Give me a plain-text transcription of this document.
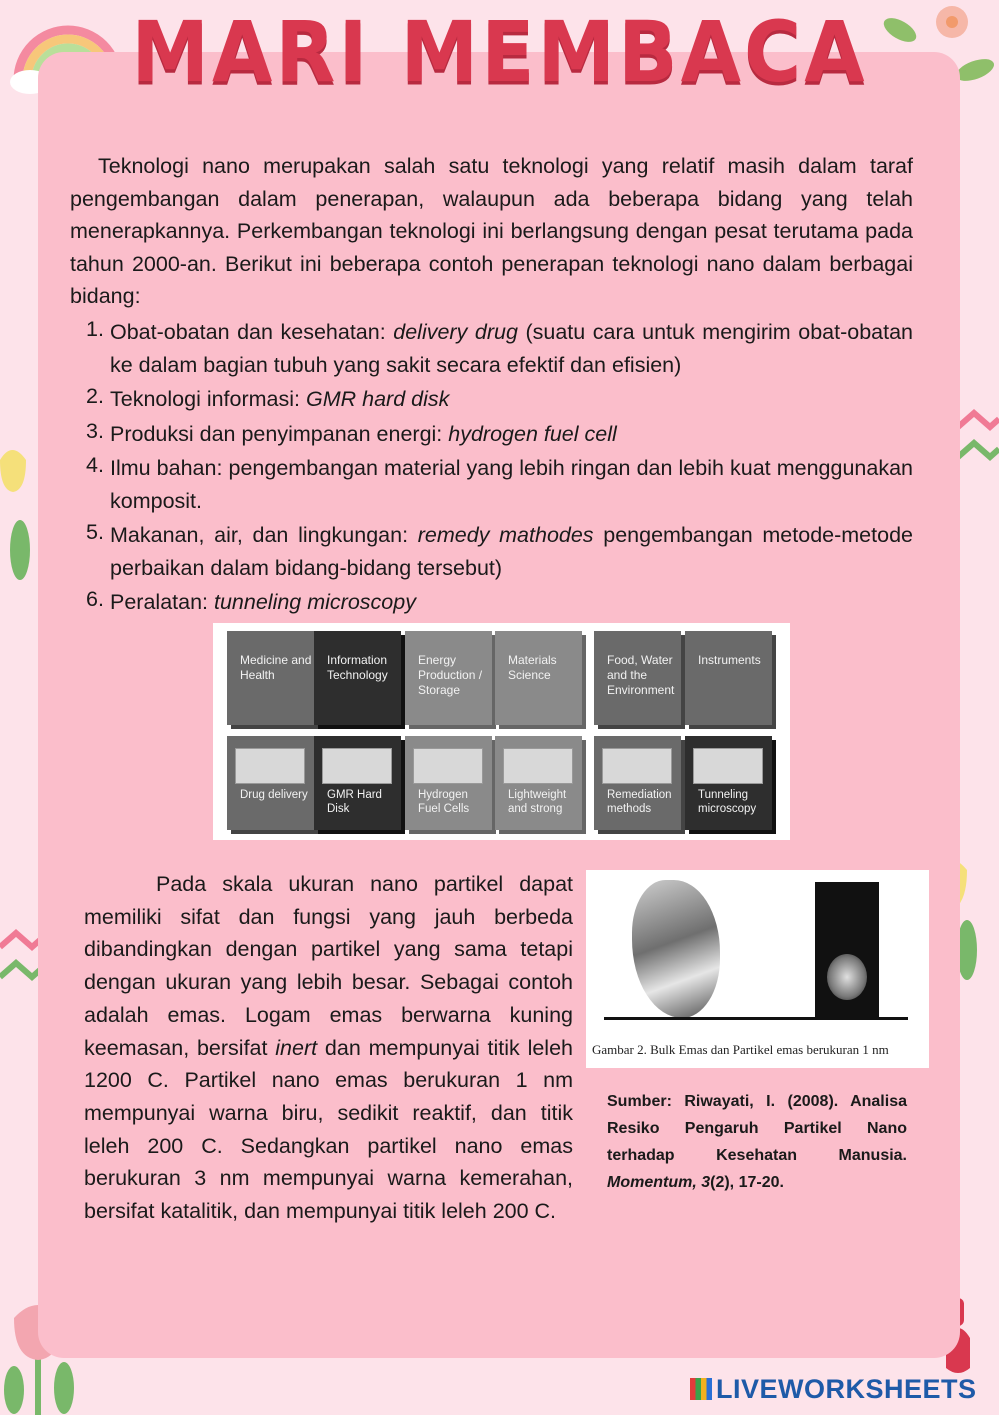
MARI MEMBACA

Teknologi nano merupakan salah satu teknologi yang relatif masih dalam taraf pengembangan dalam penerapan, walaupun ada beberapa bidang yang telah menerapkannya. Perkembangan teknologi ini berlangsung dengan pesat terutama pada tahun 2000-an. Berikut ini beberapa contoh penerapan teknologi nano dalam berbagai bidang:

1. Obat-obatan dan kesehatan: delivery drug (suatu cara untuk mengirim obat-obatan ke dalam bagian tubuh yang sakit secara efektif dan efisien)
2. Teknologi informasi: GMR hard disk
3. Produksi dan penyimpanan energi: hydrogen fuel cell
4. Ilmu bahan: pengembangan material yang lebih ringan dan lebih kuat menggunakan komposit.
5. Makanan, air, dan lingkungan: remedy mathodes pengembangan metode-metode perbaikan dalam bidang-bidang tersebut)
6. Peralatan: tunneling microscopy
Medicine and Health
Information Technology
Energy Production / Storage
Materials Science
Food, Water and the Environment
Instruments
Drug delivery	GMR Hard Disk
Hydrogen Fuel Cells
Lightweight and strong
Remediation methods
Tunneling microscopy

Pada skala ukuran nano partikel dapat memiliki sifat dan fungsi yang jauh berbeda dibandingkan dengan partikel yang sama tetapi dengan ukuran yang lebih besar. Sebagai contoh adalah emas. Logam emas berwarna kuning keemasan, bersifat inert dan mempunyai titik leleh 1200 C. Partikel nano emas berukuran 1 nm mempunyai warna biru, sedikit reaktif, dan titik leleh 200 C. Sedangkan partikel nano emas berukuran 3 nm mempunyai warna kemerahan, bersifat katalitik, dan mempunyai titik leleh 200 C.

Gambar 2. Bulk Emas dan Partikel emas berukuran 1 nm
Sumber: Riwayati, I. (2008). Analisa Resiko Pengaruh Partikel Nano terhadap Kesehatan Manusia. Momentum, 3(2), 17-20.
LIVEWORKSHEETS
